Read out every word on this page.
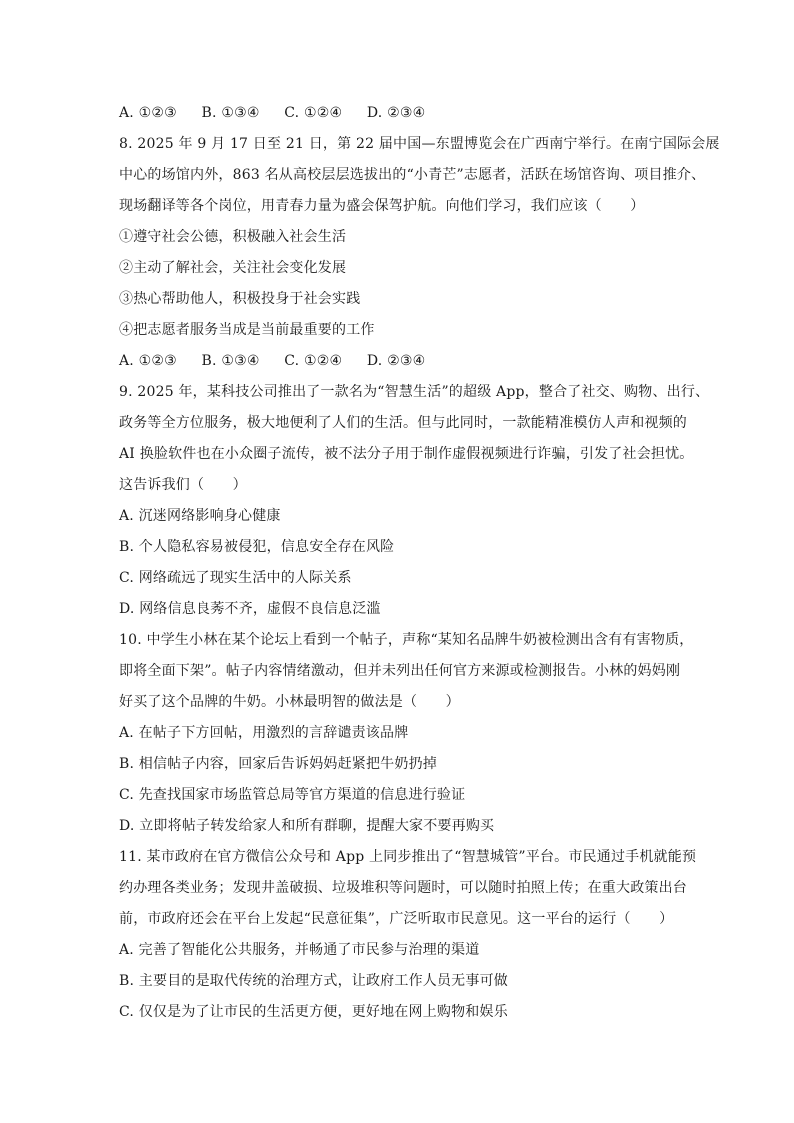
A. ①②③ B. ①③④ C. ①②④ D. ②③④
8. 2025 年 9 月 17 日至 21 日，第 22 届中国—东盟博览会在广西南宁举行。在南宁国际会展
中心的场馆内外，863 名从高校层层选拔出的“小青芒”志愿者，活跃在场馆咨询、项目推介、
现场翻译等各个岗位，用青春力量为盛会保驾护航。向他们学习，我们应该（　　）
①遵守社会公德，积极融入社会生活
②主动了解社会，关注社会变化发展
③热心帮助他人，积极投身于社会实践
④把志愿者服务当成是当前最重要的工作
A. ①②③ B. ①③④ C. ①②④ D. ②③④
9. 2025 年，某科技公司推出了一款名为“智慧生活”的超级 App，整合了社交、购物、出行、
政务等全方位服务，极大地便利了人们的生活。但与此同时，一款能精准模仿人声和视频的
AI 换脸软件也在小众圈子流传，被不法分子用于制作虚假视频进行诈骗，引发了社会担忧。
这告诉我们（　　）
A. 沉迷网络影响身心健康
B. 个人隐私容易被侵犯，信息安全存在风险
C. 网络疏远了现实生活中的人际关系
D. 网络信息良莠不齐，虚假不良信息泛滥
10. 中学生小林在某个论坛上看到一个帖子，声称“某知名品牌牛奶被检测出含有有害物质，
即将全面下架”。帖子内容情绪激动，但并未列出任何官方来源或检测报告。小林的妈妈刚
好买了这个品牌的牛奶。小林最明智的做法是（　　）
A. 在帖子下方回帖，用激烈的言辞谴责该品牌
B. 相信帖子内容，回家后告诉妈妈赶紧把牛奶扔掉
C. 先查找国家市场监管总局等官方渠道的信息进行验证
D. 立即将帖子转发给家人和所有群聊，提醒大家不要再购买
11. 某市政府在官方微信公众号和 App 上同步推出了“智慧城管”平台。市民通过手机就能预
约办理各类业务；发现井盖破损、垃圾堆积等问题时，可以随时拍照上传；在重大政策出台
前，市政府还会在平台上发起“民意征集”，广泛听取市民意见。这一平台的运行（　　）
A. 完善了智能化公共服务，并畅通了市民参与治理的渠道
B. 主要目的是取代传统的治理方式，让政府工作人员无事可做
C. 仅仅是为了让市民的生活更方便，更好地在网上购物和娱乐
